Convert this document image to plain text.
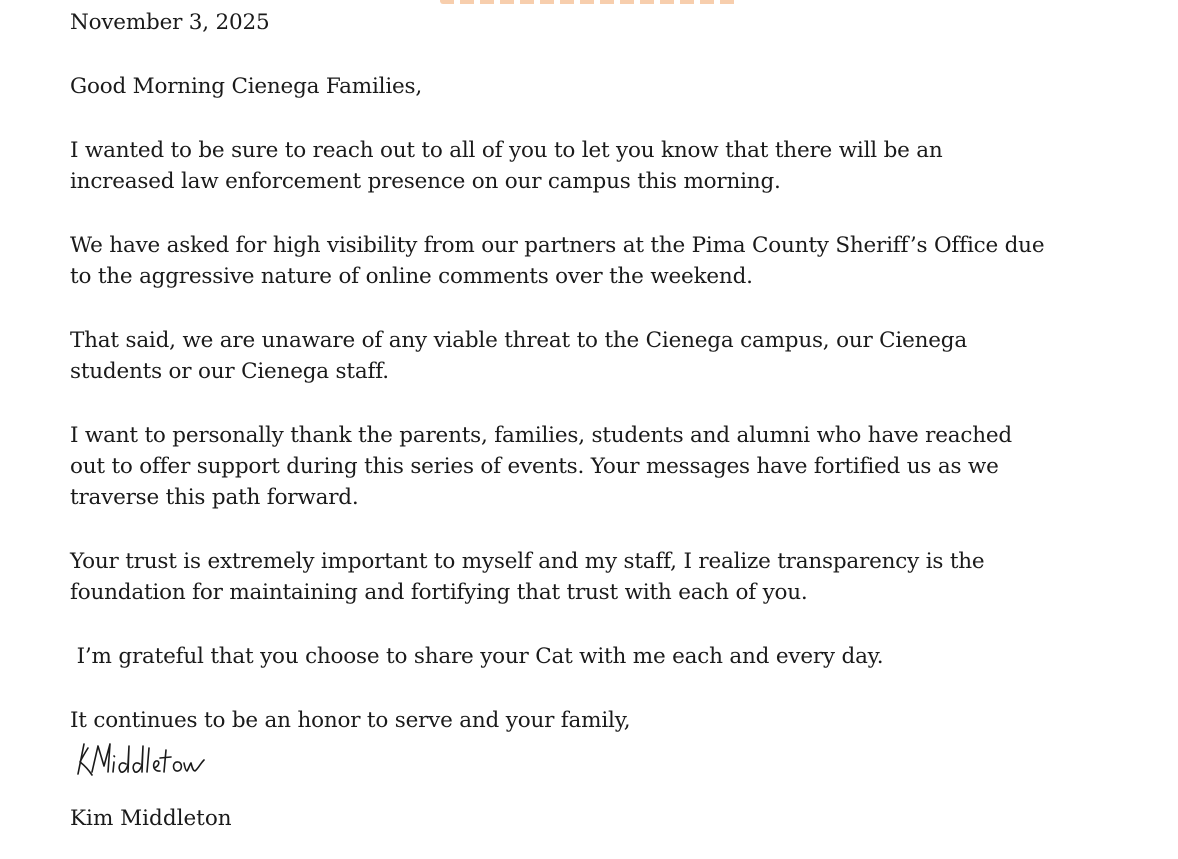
November 3, 2025

Good Morning Cienega Families,

I wanted to be sure to reach out to all of you to let you know that there will be an

increased law enforcement presence on our campus this morning.

We have asked for high visibility from our partners at the Pima County Sheriff’s Office due

to the aggressive nature of online comments over the weekend.

That said, we are unaware of any viable threat to the Cienega campus, our Cienega

students or our Cienega staff.

I want to personally thank the parents, families, students and alumni who have reached

out to offer support during this series of events. Your messages have fortified us as we

traverse this path forward.

Your trust is extremely important to myself and my staff, I realize transparency is the

foundation for maintaining and fortifying that trust with each of you.

I’m grateful that you choose to share your Cat with me each and every day.

It continues to be an honor to serve and your family,

Kim Middleton
